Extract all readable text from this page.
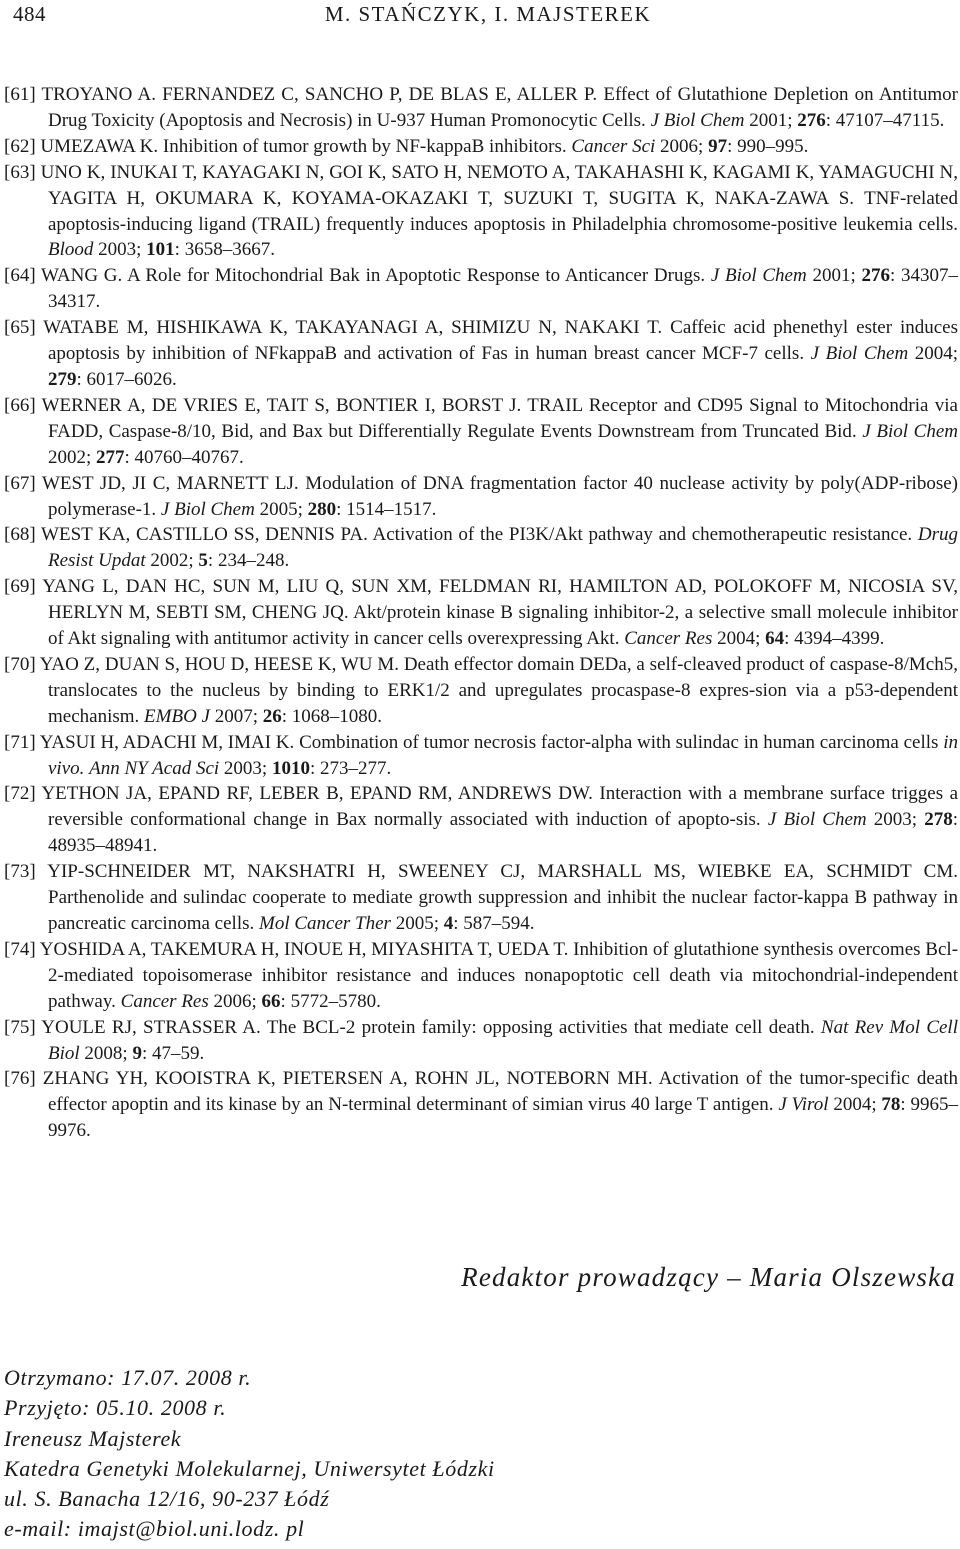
484	M. STAŃCZYK, I. MAJSTEREK
[61] TROYANO A. FERNANDEZ C, SANCHO P, DE BLAS E, ALLER P. Effect of Glutathione Depletion on Antitumor Drug Toxicity (Apoptosis and Necrosis) in U-937 Human Promonocytic Cells. J Biol Chem 2001; 276: 47107–47115.
[62] UMEZAWA K. Inhibition of tumor growth by NF-kappaB inhibitors. Cancer Sci 2006; 97: 990–995.
[63] UNO K, INUKAI T, KAYAGAKI N, GOI K, SATO H, NEMOTO A, TAKAHASHI K, KAGAMI K, YAMAGUCHI N, YAGITA H, OKUMARA K, KOYAMA-OKAZAKI T, SUZUKI T, SUGITA K, NAKA-ZAWA S. TNF-related apoptosis-inducing ligand (TRAIL) frequently induces apoptosis in Philadelphia chromosome-positive leukemia cells. Blood 2003; 101: 3658–3667.
[64] WANG G. A Role for Mitochondrial Bak in Apoptotic Response to Anticancer Drugs. J Biol Chem 2001; 276: 34307–34317.
[65] WATABE M, HISHIKAWA K, TAKAYANAGI A, SHIMIZU N, NAKAKI T. Caffeic acid phenethyl ester induces apoptosis by inhibition of NFkappaB and activation of Fas in human breast cancer MCF-7 cells. J Biol Chem 2004; 279: 6017–6026.
[66] WERNER A, DE VRIES E, TAIT S, BONTIER I, BORST J. TRAIL Receptor and CD95 Signal to Mitochondria via FADD, Caspase-8/10, Bid, and Bax but Differentially Regulate Events Downstream from Truncated Bid. J Biol Chem 2002; 277: 40760–40767.
[67] WEST JD, JI C, MARNETT LJ. Modulation of DNA fragmentation factor 40 nuclease activity by poly(ADP-ribose) polymerase-1. J Biol Chem 2005; 280: 1514–1517.
[68] WEST KA, CASTILLO SS, DENNIS PA. Activation of the PI3K/Akt pathway and chemotherapeutic resistance. Drug Resist Updat 2002; 5: 234–248.
[69] YANG L, DAN HC, SUN M, LIU Q, SUN XM, FELDMAN RI, HAMILTON AD, POLOKOFF M, NICOSIA SV, HERLYN M, SEBTI SM, CHENG JQ. Akt/protein kinase B signaling inhibitor-2, a selective small molecule inhibitor of Akt signaling with antitumor activity in cancer cells overexpressing Akt. Cancer Res 2004; 64: 4394–4399.
[70] YAO Z, DUAN S, HOU D, HEESE K, WU M. Death effector domain DEDa, a self-cleaved product of caspase-8/Mch5, translocates to the nucleus by binding to ERK1/2 and upregulates procaspase-8 expres-sion via a p53-dependent mechanism. EMBO J 2007; 26: 1068–1080.
[71] YASUI H, ADACHI M, IMAI K. Combination of tumor necrosis factor-alpha with sulindac in human carcinoma cells in vivo. Ann NY Acad Sci 2003; 1010: 273–277.
[72] YETHON JA, EPAND RF, LEBER B, EPAND RM, ANDREWS DW. Interaction with a membrane surface trigges a reversible conformational change in Bax normally associated with induction of apopto-sis. J Biol Chem 2003; 278: 48935–48941.
[73] YIP-SCHNEIDER MT, NAKSHATRI H, SWEENEY CJ, MARSHALL MS, WIEBKE EA, SCHMIDT CM. Parthenolide and sulindac cooperate to mediate growth suppression and inhibit the nuclear factor-kappa B pathway in pancreatic carcinoma cells. Mol Cancer Ther 2005; 4: 587–594.
[74] YOSHIDA A, TAKEMURA H, INOUE H, MIYASHITA T, UEDA T. Inhibition of glutathione synthesis overcomes Bcl-2-mediated topoisomerase inhibitor resistance and induces nonapoptotic cell death via mitochondrial-independent pathway. Cancer Res 2006; 66: 5772–5780.
[75] YOULE RJ, STRASSER A. The BCL-2 protein family: opposing activities that mediate cell death. Nat Rev Mol Cell Biol 2008; 9: 47–59.
[76] ZHANG YH, KOOISTRA K, PIETERSEN A, ROHN JL, NOTEBORN MH. Activation of the tumor-specific death effector apoptin and its kinase by an N-terminal determinant of simian virus 40 large T antigen. J Virol 2004; 78: 9965–9976.
Redaktor prowadzący – Maria Olszewska
Otrzymano: 17.07. 2008 r.
Przyjęto: 05.10. 2008 r.
Ireneusz Majsterek
Katedra Genetyki Molekularnej, Uniwersytet Łódzki
ul. S. Banacha 12/16, 90-237 Łódź
e-mail: imajst@biol.uni.lodz. pl
